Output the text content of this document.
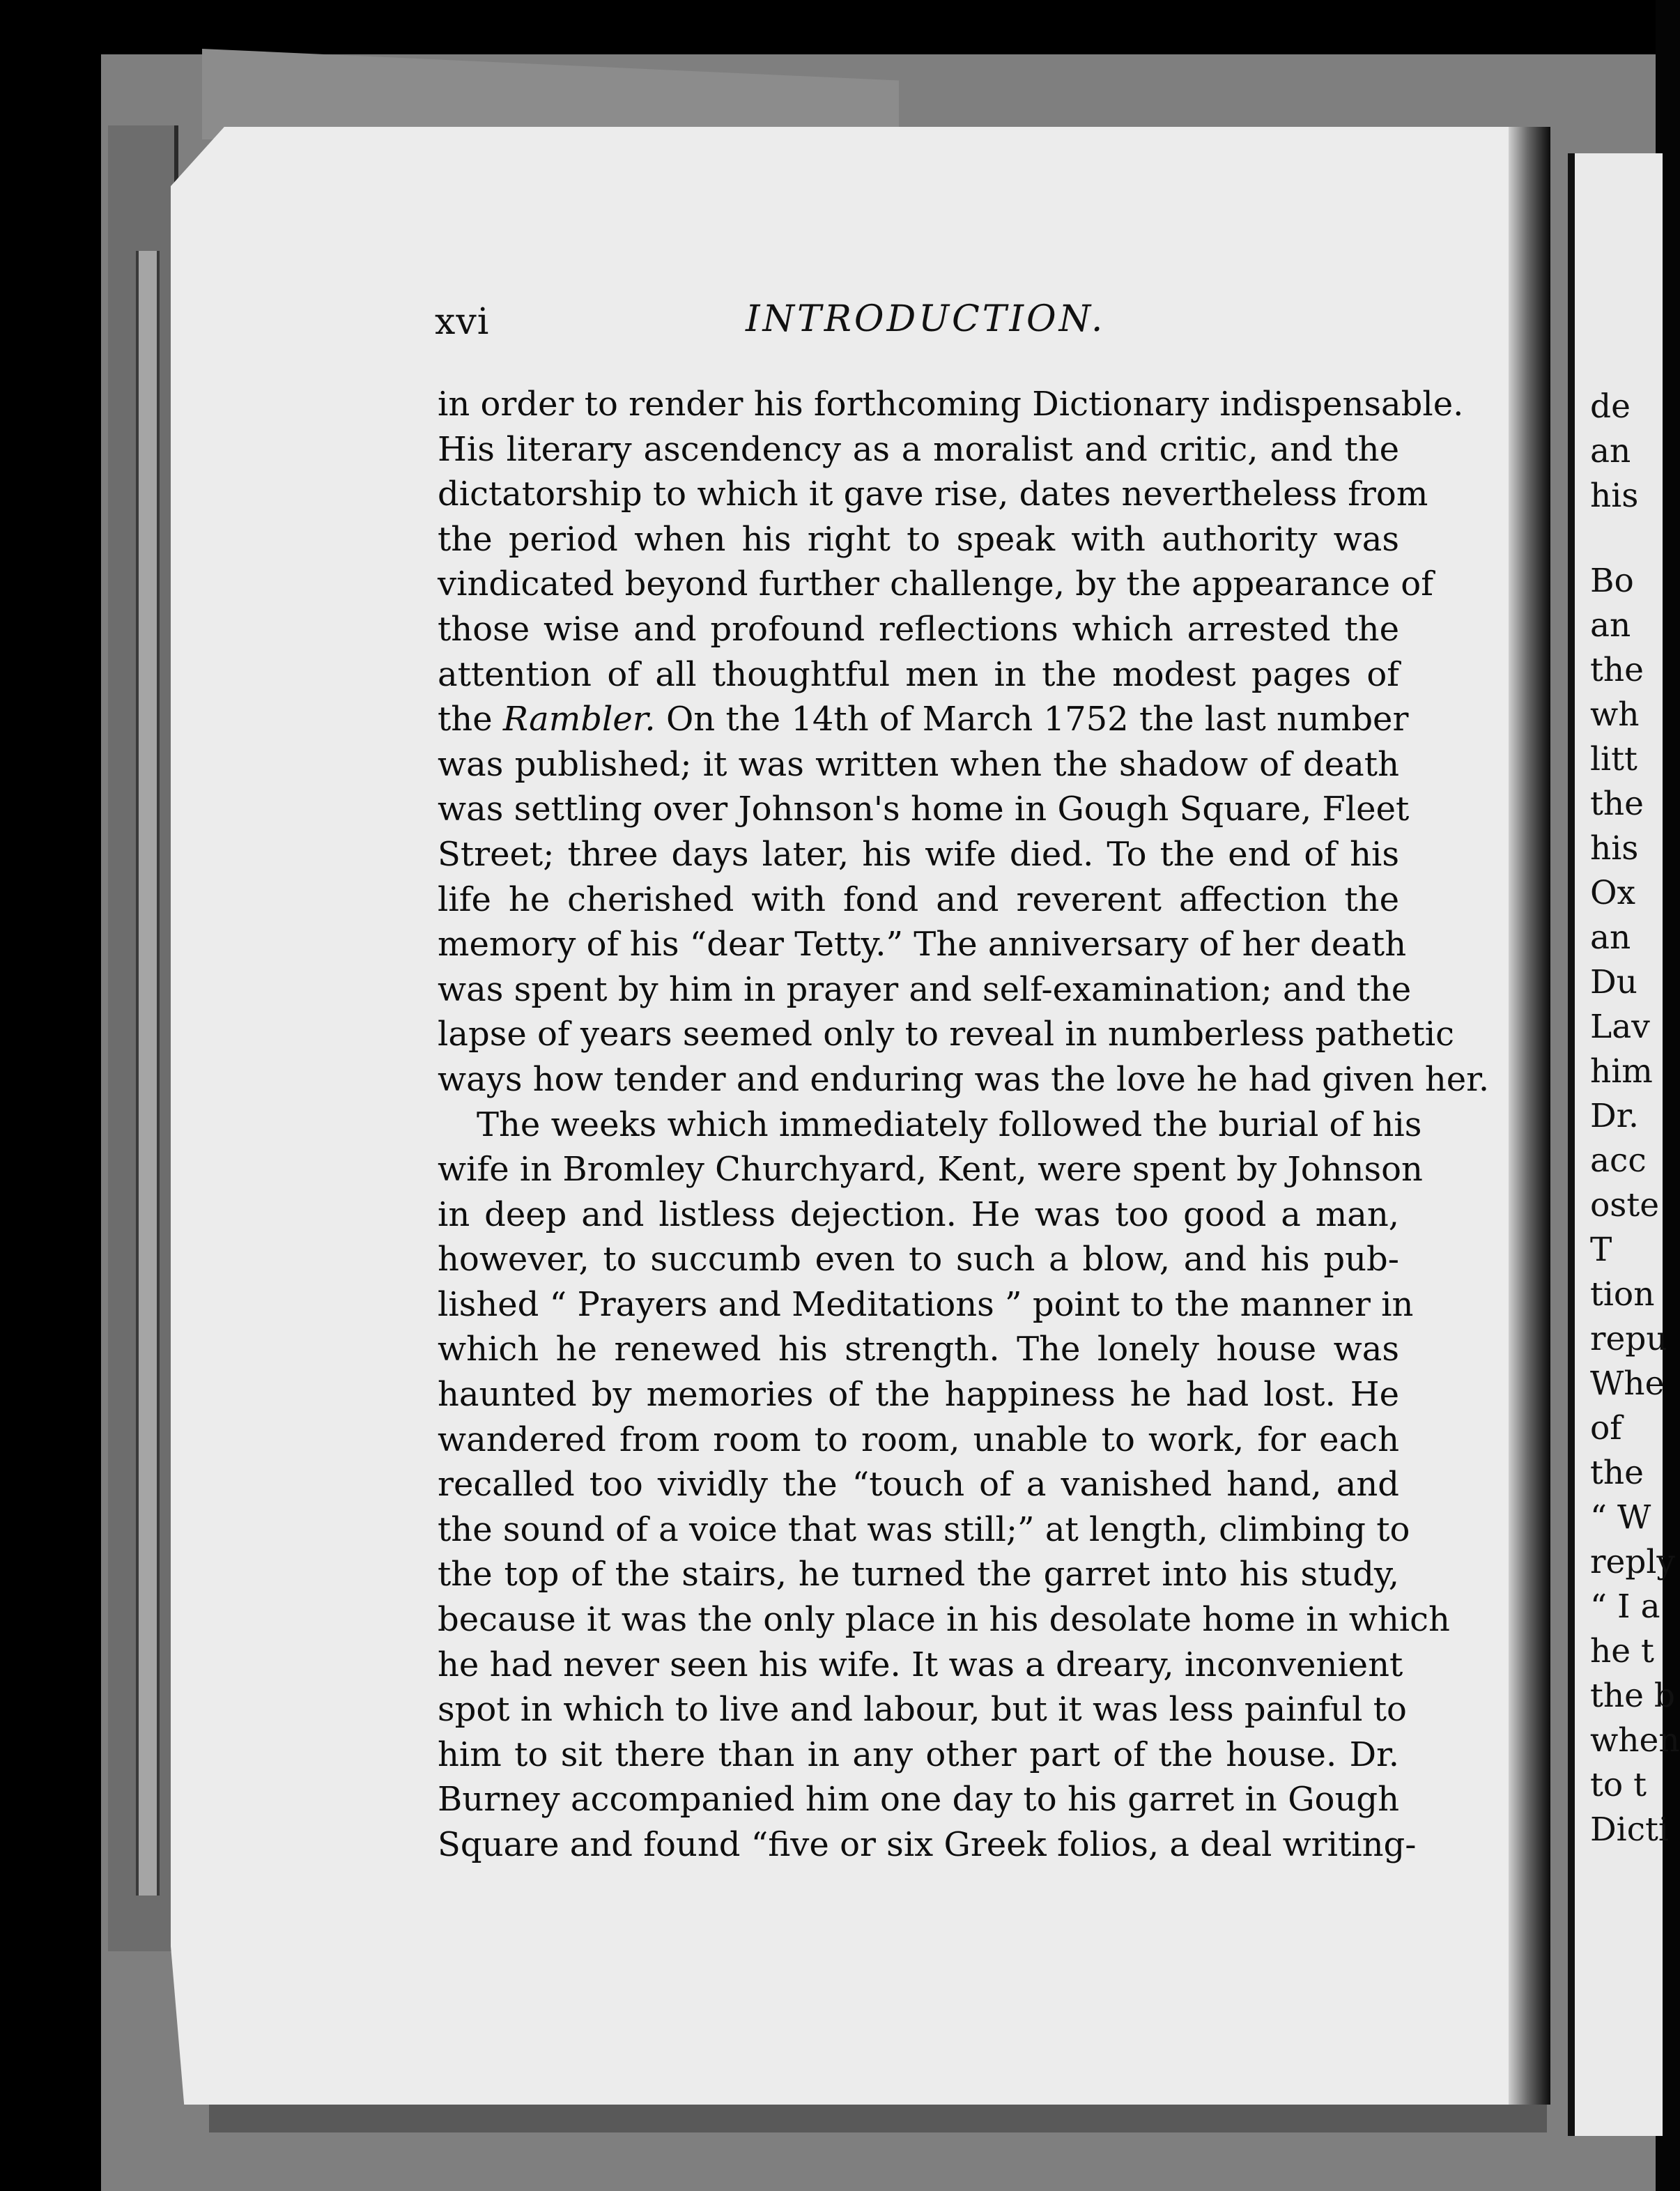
xvi	INTRODUCTION.
in order to render his forthcoming Dictionary indispensable.
His literary ascendency as a moralist and critic, and the
dictatorship to which it gave rise, dates nevertheless from
the period when his right to speak with authority was
vindicated beyond further challenge, by the appearance of
those wise and profound reflections which arrested the
attention of all thoughtful men in the modest pages of
the Rambler. On the 14th of March 1752 the last number
was published; it was written when the shadow of death
was settling over Johnson's home in Gough Square, Fleet
Street; three days later, his wife died. To the end of his
life he cherished with fond and reverent affection the
memory of his “dear Tetty.” The anniversary of her death
was spent by him in prayer and self-examination; and the
lapse of years seemed only to reveal in numberless pathetic
ways how tender and enduring was the love he had given her.
The weeks which immediately followed the burial of his
wife in Bromley Churchyard, Kent, were spent by Johnson
in deep and listless dejection. He was too good a man,
however, to succumb even to such a blow, and his pub-
lished “ Prayers and Meditations ” point to the manner in
which he renewed his strength. The lonely house was
haunted by memories of the happiness he had lost. He
wandered from room to room, unable to work, for each
recalled too vividly the “touch of a vanished hand, and
the sound of a voice that was still;” at length, climbing to
the top of the stairs, he turned the garret into his study,
because it was the only place in his desolate home in which
he had never seen his wife. It was a dreary, inconvenient
spot in which to live and labour, but it was less painful to
him to sit there than in any other part of the house. Dr.
Burney accompanied him one day to his garret in Gough
Square and found “five or six Greek folios, a deal writing-
de
an
his
Bo
an
the
wh
litt
the
his
Ox
an
Du
Lav
him
Dr.
acc
oste
T
tion
repu
Whe
of
the
“ W
reply
“ I a
he t
the b
when
to t
Dicti
